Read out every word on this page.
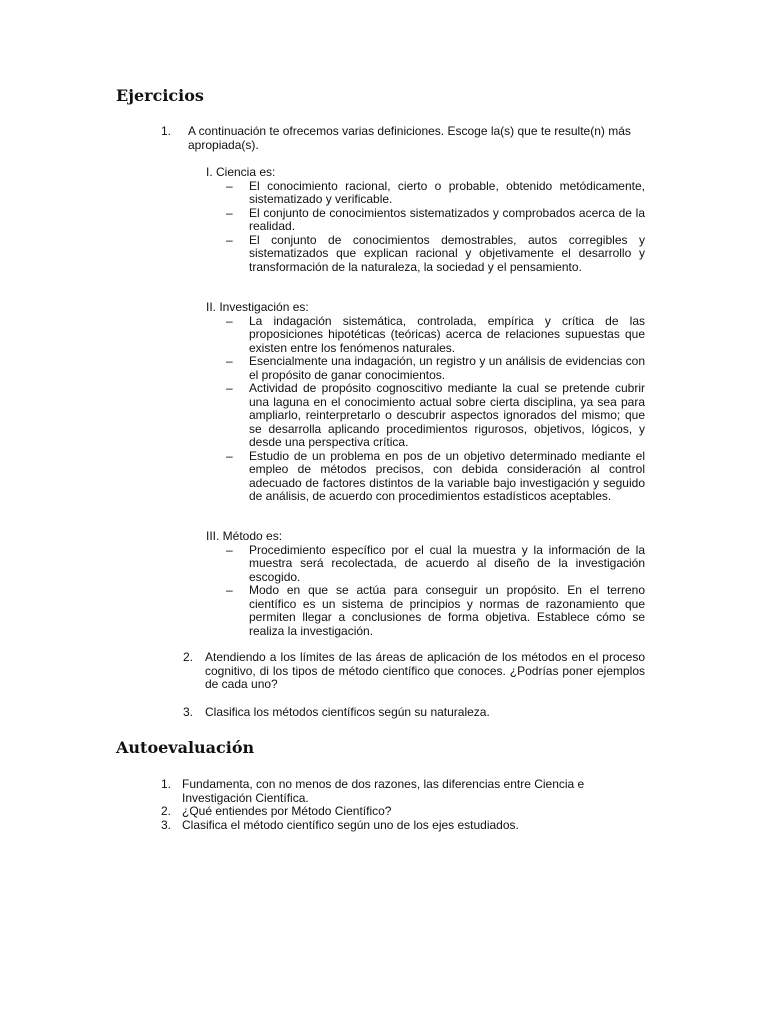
Ejercicios
1.	A continuación te ofrecemos varias definiciones. Escoge la(s) que te resulte(n) más apropiada(s).

I. Ciencia es:

– El conocimiento racional, cierto o probable, obtenido metódicamente, sistematizado y verificable.
– El conjunto de conocimientos sistematizados y comprobados acerca de la realidad.
– El conjunto de conocimientos demostrables, autos corregibles y sistematizados que explican racional y objetivamente el desarrollo y transformación de la naturaleza, la sociedad y el pensamiento.

II. Investigación es:

– La indagación sistemática, controlada, empírica y crítica de las proposiciones hipotéticas (teóricas) acerca de relaciones supuestas que existen entre los fenómenos naturales.
– Esencialmente una indagación, un registro y un análisis de evidencias con el propósito de ganar conocimientos.
– Actividad de propósito cognoscitivo mediante la cual se pretende cubrir una laguna en el conocimiento actual sobre cierta disciplina, ya sea para ampliarlo, reinterpretarlo o descubrir aspectos ignorados del mismo; que se desarrolla aplicando procedimientos rigurosos, objetivos, lógicos, y desde una perspectiva crítica.
– Estudio de un problema en pos de un objetivo determinado mediante el empleo de métodos precisos, con debida consideración al control adecuado de factores distintos de la variable bajo investigación y seguido de análisis, de acuerdo con procedimientos estadísticos aceptables.

III. Método es:

– Procedimiento específico por el cual la muestra y la información de la muestra será recolectada, de acuerdo al diseño de la investigación escogido.
– Modo en que se actúa para conseguir un propósito. En el terreno científico es un sistema de principios y normas de razonamiento que permiten llegar a conclusiones de forma objetiva. Establece cómo se realiza la investigación.
2. Atendiendo a los límites de las áreas de aplicación de los métodos en el proceso cognitivo, di los tipos de método científico que conoces. ¿Podrías poner ejemplos de cada uno?
3. Clasifica los métodos científicos según su naturaleza.
Autoevaluación
1. Fundamenta, con no menos de dos razones, las diferencias entre Ciencia e Investigación Científica.
2. ¿Qué entiendes por Método Científico?
3. Clasifica el método científico según uno de los ejes estudiados.
